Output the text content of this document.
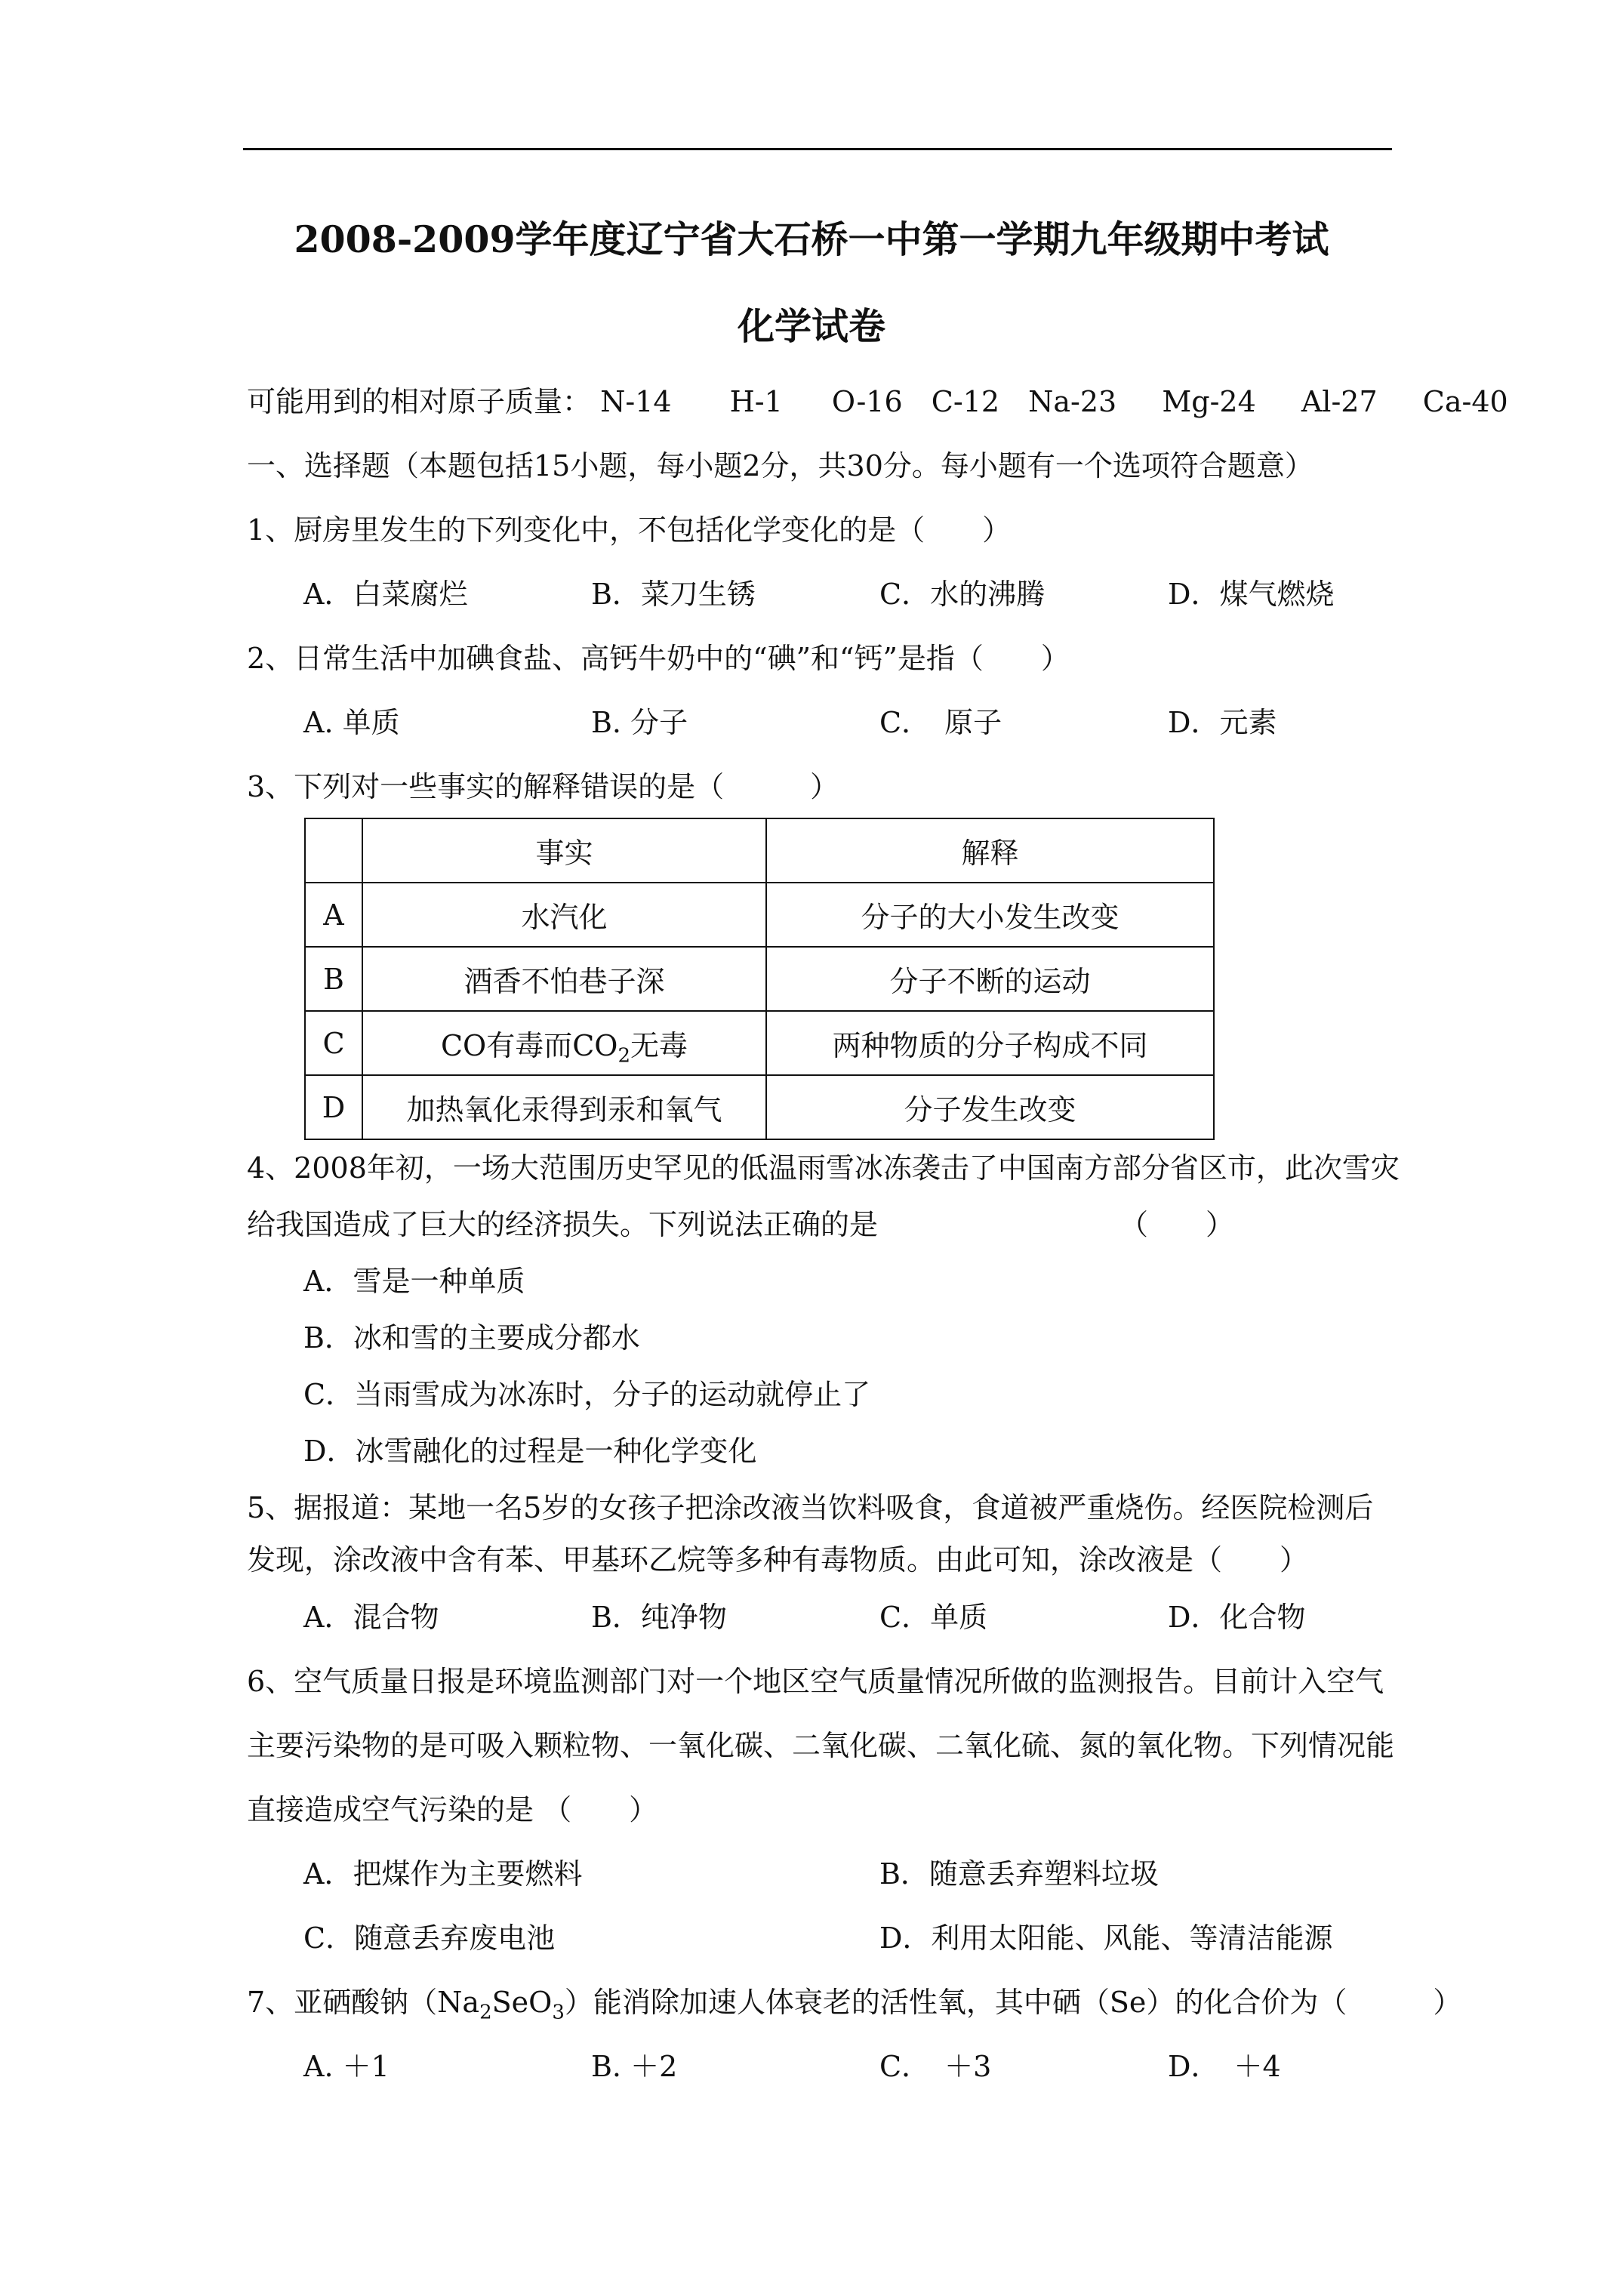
2008-2009学年度辽宁省大石桥一中第一学期九年级期中考试
化学试卷
可能用到的相对原子质量： N-14 H-1 O-16 C-12 Na-23 Mg-24 Al-27 Ca-40
一、选择题（本题包括15小题，每小题2分，共30分。每小题有一个选项符合题意）
1、厨房里发生的下列变化中，不包括化学变化的是（　　）
A．白菜腐烂	B．菜刀生锈	C．水的沸腾	D．煤气燃烧
2、日常生活中加碘食盐、高钙牛奶中的“碘”和“钙”是指（　　）
A. 单质	B. 分子	C．　原子	D．元素
3、下列对一些事实的解释错误的是（　　　）
	事实	解释
A	水汽化	分子的大小发生改变
B	酒香不怕巷子深	分子不断的运动
C	CO有毒而$CO_2$无毒	两种物质的分子构成不同
D	加热氧化汞得到汞和氧气	分子发生改变
4、2008年初，一场大范围历史罕见的低温雨雪冰冻袭击了中国南方部分省区市，此次雪灾
给我国造成了巨大的经济损失。下列说法正确的是	（　　）
A．雪是一种单质
B．冰和雪的主要成分都水
C．当雨雪成为冰冻时，分子的运动就停止了
D．冰雪融化的过程是一种化学变化
5、据报道：某地一名5岁的女孩子把涂改液当饮料吸食，食道被严重烧伤。经医院检测后
发现，涂改液中含有苯、甲基环乙烷等多种有毒物质。由此可知，涂改液是（　　）
A．混合物	B．纯净物	C．单质	D．化合物
6、空气质量日报是环境监测部门对一个地区空气质量情况所做的监测报告。目前计入空气
主要污染物的是可吸入颗粒物、一氧化碳、二氧化碳、二氧化硫、氮的氧化物。下列情况能
直接造成空气污染的是 （　　）
A．把煤作为主要燃料	B．随意丢弃塑料垃圾
C．随意丢弃废电池	D．利用太阳能、风能、等清洁能源
7、亚硒酸钠$(Na_2SeO_3)$能消除加速人体衰老的活性氧，其中硒（Se）的化合价为（　　　）
A. ＋1	B. ＋2	C．　＋3	D．　＋4
